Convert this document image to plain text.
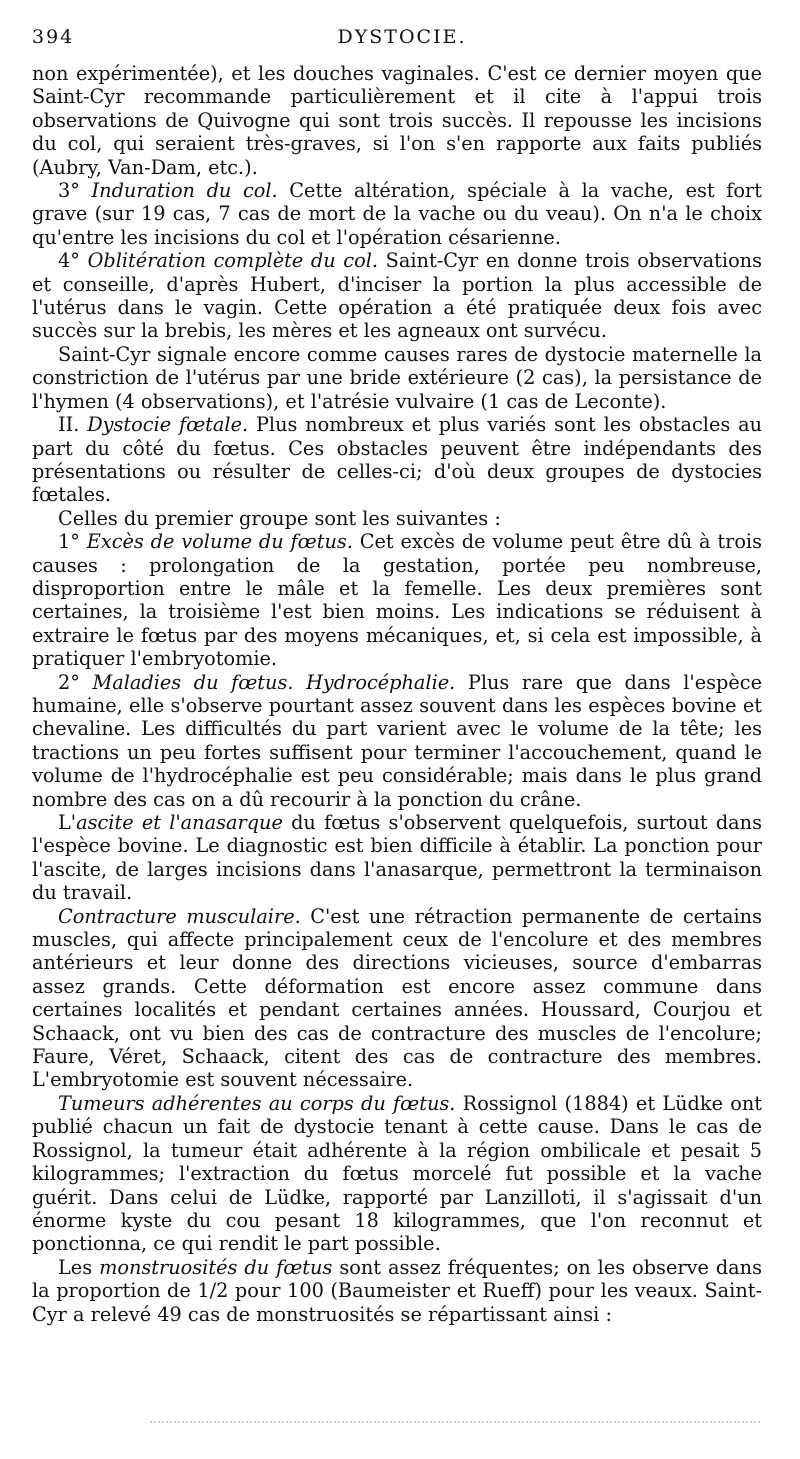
394	DYSTOCIE.

non expérimentée), et les douches vaginales. C'est ce dernier moyen que Saint-Cyr recommande particulièrement et il cite à l'appui trois observations de Quivogne qui sont trois succès. Il repousse les incisions du col, qui seraient très-graves, si l'on s'en rapporte aux faits publiés (Aubry, Van-Dam, etc.).

3° Induration du col. Cette altération, spéciale à la vache, est fort grave (sur 19 cas, 7 cas de mort de la vache ou du veau). On n'a le choix qu'entre les incisions du col et l'opération césarienne.

4° Oblitération complète du col. Saint-Cyr en donne trois observations et conseille, d'après Hubert, d'inciser la portion la plus accessible de l'utérus dans le vagin. Cette opération a été pratiquée deux fois avec succès sur la brebis, les mères et les agneaux ont survécu.

Saint-Cyr signale encore comme causes rares de dystocie maternelle la constriction de l'utérus par une bride extérieure (2 cas), la persistance de l'hymen (4 observations), et l'atrésie vulvaire (1 cas de Leconte).

II. Dystocie fœtale. Plus nombreux et plus variés sont les obstacles au part du côté du fœtus. Ces obstacles peuvent être indépendants des présentations ou résulter de celles-ci; d'où deux groupes de dystocies fœtales.

Celles du premier groupe sont les suivantes :

1° Excès de volume du fœtus. Cet excès de volume peut être dû à trois causes : prolongation de la gestation, portée peu nombreuse, disproportion entre le mâle et la femelle. Les deux premières sont certaines, la troisième l'est bien moins. Les indications se réduisent à extraire le fœtus par des moyens mécaniques, et, si cela est impossible, à pratiquer l'embryotomie.

2° Maladies du fœtus. Hydrocéphalie. Plus rare que dans l'espèce humaine, elle s'observe pourtant assez souvent dans les espèces bovine et chevaline. Les difficultés du part varient avec le volume de la tête; les tractions un peu fortes suffisent pour terminer l'accouchement, quand le volume de l'hydrocéphalie est peu considérable; mais dans le plus grand nombre des cas on a dû recourir à la ponction du crâne.

L'ascite et l'anasarque du fœtus s'observent quelquefois, surtout dans l'espèce bovine. Le diagnostic est bien difficile à établir. La ponction pour l'ascite, de larges incisions dans l'anasarque, permettront la terminaison du travail.

Contracture musculaire. C'est une rétraction permanente de certains muscles, qui affecte principalement ceux de l'encolure et des membres antérieurs et leur donne des directions vicieuses, source d'embarras assez grands. Cette déformation est encore assez commune dans certaines localités et pendant certaines années. Houssard, Courjou et Schaack, ont vu bien des cas de contracture des muscles de l'encolure; Faure, Véret, Schaack, citent des cas de contracture des membres. L'embryotomie est souvent nécessaire.

Tumeurs adhérentes au corps du fœtus. Rossignol (1884) et Lüdke ont publié chacun un fait de dystocie tenant à cette cause. Dans le cas de Rossignol, la tumeur était adhérente à la région ombilicale et pesait 5 kilogrammes; l'extraction du fœtus morcelé fut possible et la vache guérit. Dans celui de Lüdke, rapporté par Lanzilloti, il s'agissait d'un énorme kyste du cou pesant 18 kilogrammes, que l'on reconnut et ponctionna, ce qui rendit le part possible.

Les monstruosités du fœtus sont assez fréquentes; on les observe dans la proportion de 1/2 pour 100 (Baumeister et Rueff) pour les veaux. Saint-Cyr a relevé 49 cas de monstruosités se répartissant ainsi :
